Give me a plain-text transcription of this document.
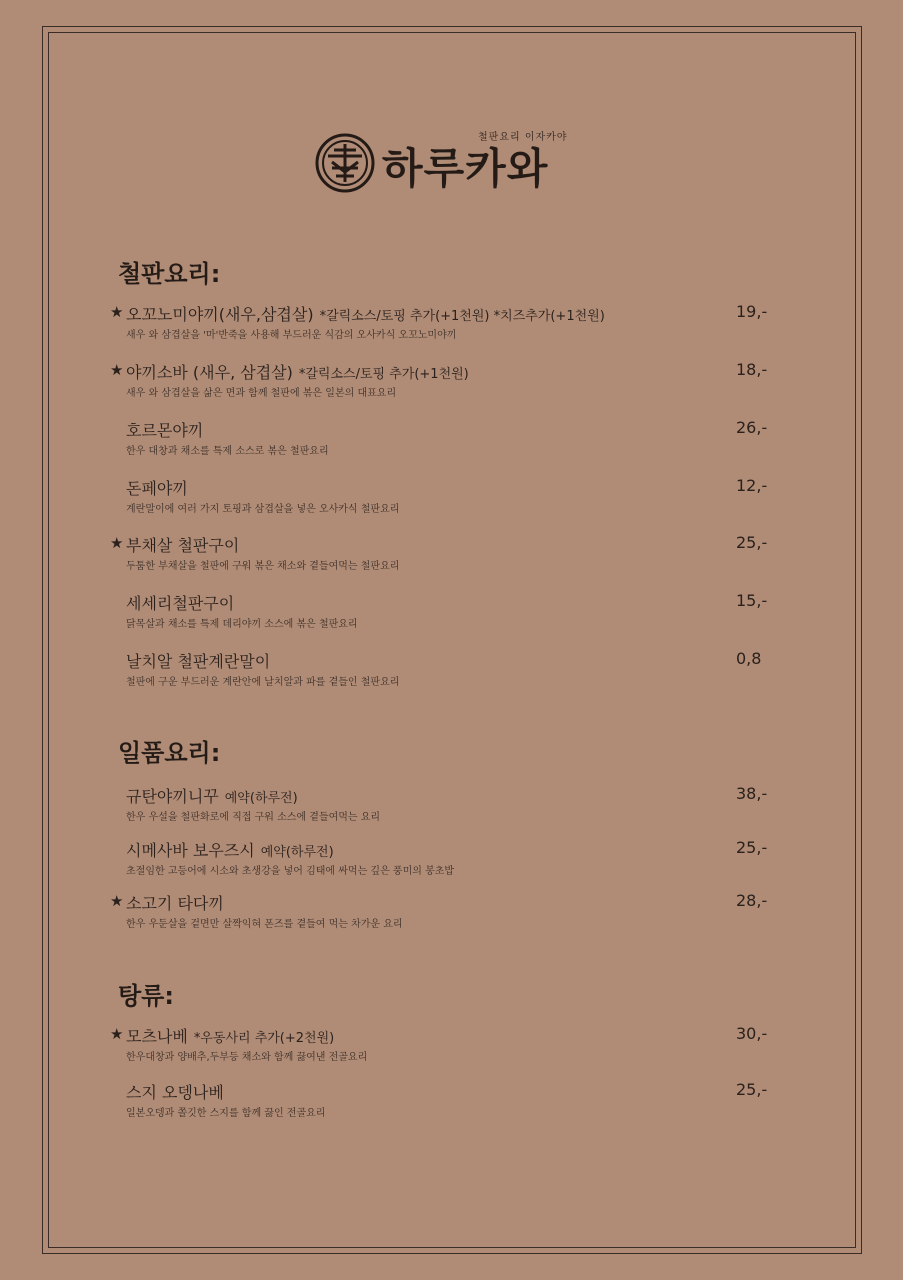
철판요리 이자카야
하루카와
철판요리:
★ 오꼬노미야끼(새우,삼겹살) *갈릭소스/토핑 추가(+1천원) *치즈추가(+1천원)	19,-
새우 와 삼겹살을 '마'반죽을 사용해 부드러운 식감의 오사카식 오꼬노미야끼
★ 야끼소바 (새우, 삼겹살) *갈릭소스/토핑 추가(+1천원)	18,-
새우 와 삼겹살을 삶은 면과 함께 철판에 볶은 일본의 대표요리
호르몬야끼	26,-
한우 대창과 채소를 특제 소스로 볶은 철판요리
돈페야끼	12,-
계란말이에 여러 가지 토핑과 삼겹살을 넣은 오사카식 철판요리
★ 부채살 철판구이	25,-
두툼한 부채살을 철판에 구워 볶은 채소와 곁들여먹는 철판요리
세세리철판구이	15,-
닭목살과 채소를 특제 데리야끼 소스에 볶은 철판요리
날치알 철판계란말이	0,8
철판에 구운 부드러운 계란안에 날치알과 파를 곁들인 철판요리
일품요리:
규탄야끼니꾸 예약(하루전)	38,-
한우 우설을 철판화로에 직접 구워 소스에 곁들여먹는 요리
시메사바 보우즈시 예약(하루전)	25,-
초절임한 고등어에 시소와 초생강을 넣어 김태에 싸먹는 깊은 풍미의 봉초밥
★ 소고기 타다끼	28,-
한우 우둔살을 겉면만 살짝익혀 폰즈를 곁들여 먹는 차가운 요리
탕류:
★ 모츠나베 *우동사리 추가(+2천원)	30,-
한우대창과 양배추,두부등 채소와 함께 끓여낸 전골요리
스지 오뎅나베	25,-
일본오뎅과 쫄깃한 스지를 함께 끓인 전골요리
